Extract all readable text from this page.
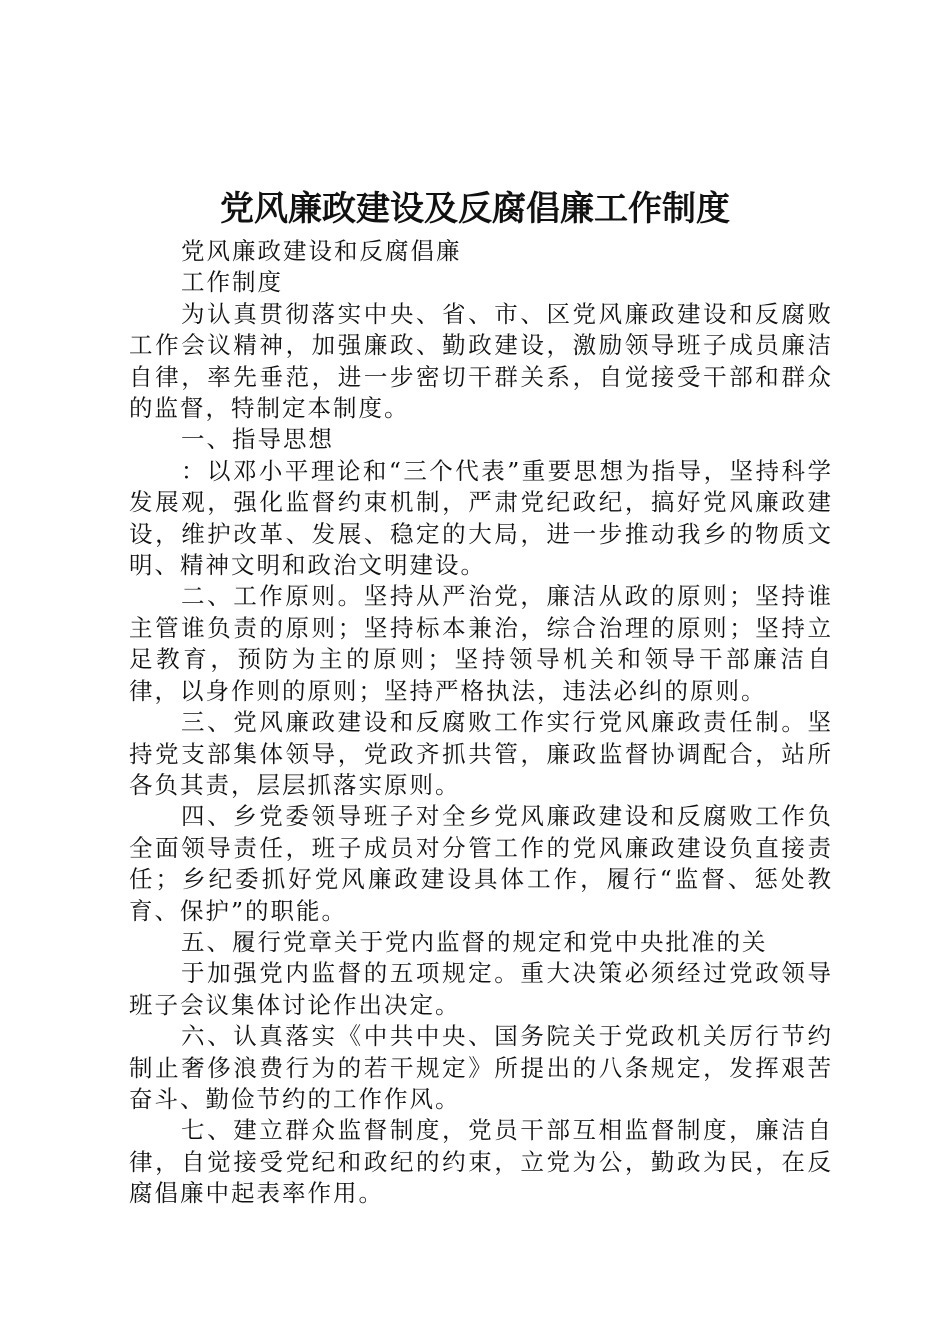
党风廉政建设及反腐倡廉工作制度

党风廉政建设和反腐倡廉

工作制度

为认真贯彻落实中央、省、市、区党风廉政建设和反腐败工作会议精神，加强廉政、勤政建设，激励领导班子成员廉洁自律，率先垂范，进一步密切干群关系，自觉接受干部和群众的监督，特制定本制度。

一、指导思想

：以邓小平理论和“三个代表”重要思想为指导，坚持科学发展观，强化监督约束机制，严肃党纪政纪，搞好党风廉政建设，维护改革、发展、稳定的大局，进一步推动我乡的物质文明、精神文明和政治文明建设。

二、工作原则。坚持从严治党，廉洁从政的原则；坚持谁主管谁负责的原则；坚持标本兼治，综合治理的原则；坚持立足教育，预防为主的原则；坚持领导机关和领导干部廉洁自律，以身作则的原则；坚持严格执法，违法必纠的原则。

三、党风廉政建设和反腐败工作实行党风廉政责任制。坚持党支部集体领导，党政齐抓共管，廉政监督协调配合，站所各负其责，层层抓落实原则。

四、乡党委领导班子对全乡党风廉政建设和反腐败工作负全面领导责任，班子成员对分管工作的党风廉政建设负直接责任；乡纪委抓好党风廉政建设具体工作，履行“监督、惩处教育、保护”的职能。

五、履行党章关于党内监督的规定和党中央批准的关

于加强党内监督的五项规定。重大决策必须经过党政领导班子会议集体讨论作出决定。

六、认真落实《中共中央、国务院关于党政机关厉行节约制止奢侈浪费行为的若干规定》所提出的八条规定，发挥艰苦奋斗、勤俭节约的工作作风。

七、建立群众监督制度，党员干部互相监督制度，廉洁自律，自觉接受党纪和政纪的约束，立党为公，勤政为民，在反腐倡廉中起表率作用。
